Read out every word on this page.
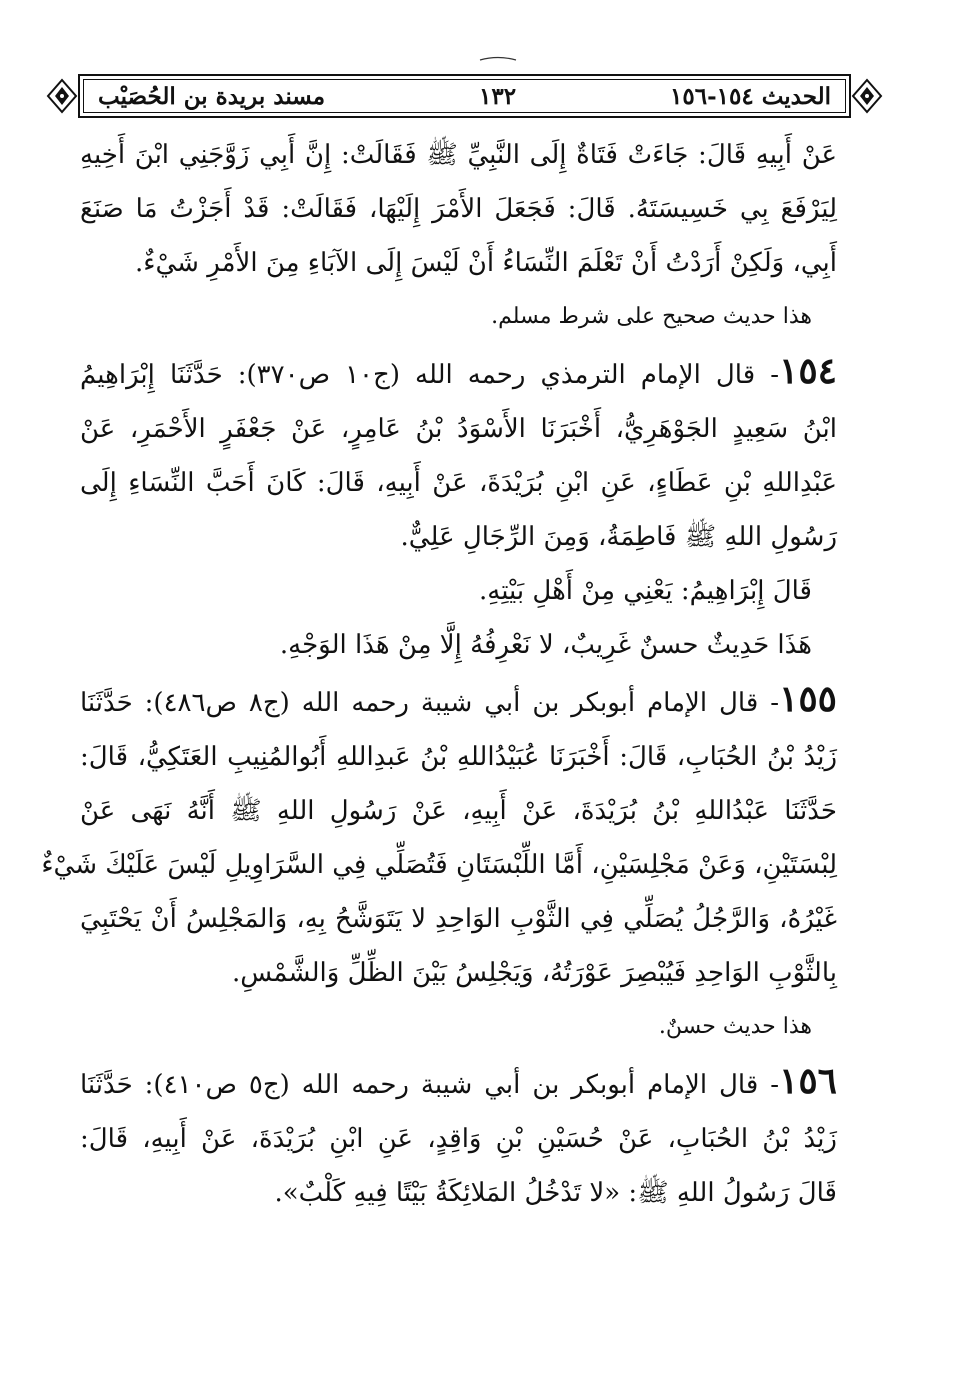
الحديث ١٥٤-١٥٦
١٣٢
مسند بريدة بن الحُصَيْب
عَنْ أَبِيهِ قَالَ: جَاءَتْ فَتَاةٌ إِلَى النَّبِيِّ ﷺ فَقَالَتْ: إِنَّ أَبِي زَوَّجَنِي ابْنَ أَخِيهِ
لِيَرْفَعَ بِي خَسِيسَتَهُ. قَالَ: فَجَعَلَ الأَمْرَ إِلَيْهَا، فَقَالَتْ: قَدْ أَجَزْتُ مَا صَنَعَ
أَبِي، وَلَكِنْ أَرَدْتُ أَنْ تَعْلَمَ النِّسَاءُ أَنْ لَيْسَ إِلَى الآبَاءِ مِنَ الأَمْرِ شَيْءٌ.
هذا حديث صحيح على شرط مسلم.
١٥٤- قال الإمام الترمذي رحمه الله (ج١٠ ص٣٧٠): حَدَّثَنَا إِبْرَاهِيمُ
ابْنُ سَعِيدٍ الجَوْهَرِيُّ، أَخْبَرَنَا الأَسْوَدُ بْنُ عَامِرٍ، عَنْ جَعْفَرٍ الأَحْمَرِ، عَنْ
عَبْدِاللهِ بْنِ عَطَاءٍ، عَنِ ابْنِ بُرَيْدَةَ، عَنْ أَبِيهِ، قَالَ: كَانَ أَحَبَّ النِّسَاءِ إِلَى
رَسُولِ اللهِ ﷺ فَاطِمَةُ، وَمِنَ الرِّجَالِ عَلِيٌّ.
قَالَ إِبْرَاهِيمُ: يَعْنِي مِنْ أَهْلِ بَيْتِهِ.
هَذَا حَدِيثٌ حسنٌ غَرِيبٌ، لا نَعْرِفُهُ إِلَّا مِنْ هَذَا الوَجْهِ.
١٥٥- قال الإمام أبوبكر بن أبي شيبة رحمه الله (ج٨ ص٤٨٦): حَدَّثَنَا
زَيْدُ بْنُ الحُبَابِ، قَالَ: أَخْبَرَنَا عُبَيْدُاللهِ بْنُ عَبدِاللهِ أَبُوالمُنِيبِ العَتَكِيُّ، قَالَ:
حَدَّثَنَا عَبْدُاللهِ بْنُ بُرَيْدَةَ، عَنْ أَبِيهِ، عَنْ رَسُولِ اللهِ ﷺ أَنَّهُ نَهَى عَنْ
لِبْسَتَيْنِ، وَعَنْ مَجْلِسَيْنِ، أَمَّا اللِّبْسَتَانِ فَتُصَلِّي فِي السَّرَاوِيلِ لَيْسَ عَلَيْكَ شَيْءٌ
غَيْرُهُ، وَالرَّجُلُ يُصَلِّي فِي الثَّوْبِ الوَاحِدِ لا يَتَوَشَّحُ بِهِ، وَالمَجْلِسُ أَنْ يَحْتَبِيَ
بِالثَّوْبِ الوَاحِدِ فَيُبْصِرَ عَوْرَتُهُ، وَيَجْلِسُ بَيْنَ الظِّلِّ وَالشَّمْسِ.
هذا حديث حسنٌ.
١٥٦- قال الإمام أبوبكر بن أبي شيبة رحمه الله (ج٥ ص٤١٠): حَدَّثَنَا
زَيْدُ بْنُ الحُبَابِ، عَنْ حُسَيْنِ بْنِ وَاقِدٍ، عَنِ ابْنِ بُرَيْدَةَ، عَنْ أَبِيهِ، قَالَ:
قَالَ رَسُولُ اللهِ ﷺ: «لا تَدْخُلُ المَلائِكَةُ بَيْتًا فِيهِ كَلْبٌ».
